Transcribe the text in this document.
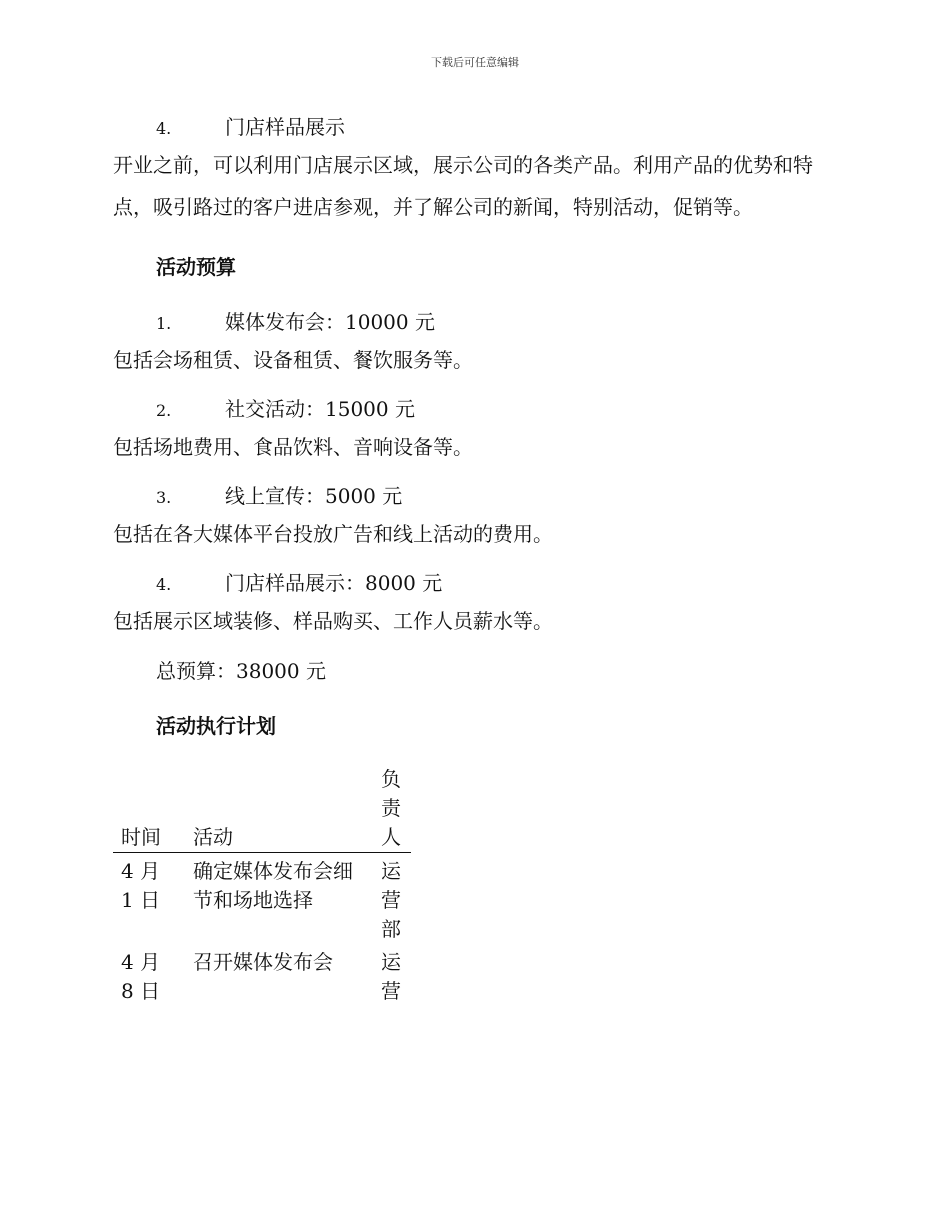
下载后可任意编辑
4.	门店样品展示

开业之前，可以利用门店展示区域，展示公司的各类产品。利用产品的优势和特点，吸引路过的客户进店参观，并了解公司的新闻，特别活动，促销等。

活动预算
1.	媒体发布会：10000 元

包括会场租赁、设备租赁、餐饮服务等。

2.	社交活动：15000 元

包括场地费用、食品饮料、音响设备等。

3.	线上宣传：5000 元

包括在各大媒体平台投放广告和线上活动的费用。

4.	门店样品展示：8000 元

包括展示区域装修、样品购买、工作人员薪水等。

总预算：38000 元
活动执行计划
时间	活动	负责人
4 月 1 日	确定媒体发布会细节和场地选择	运营部
4 月 8 日	召开媒体发布会	运营
